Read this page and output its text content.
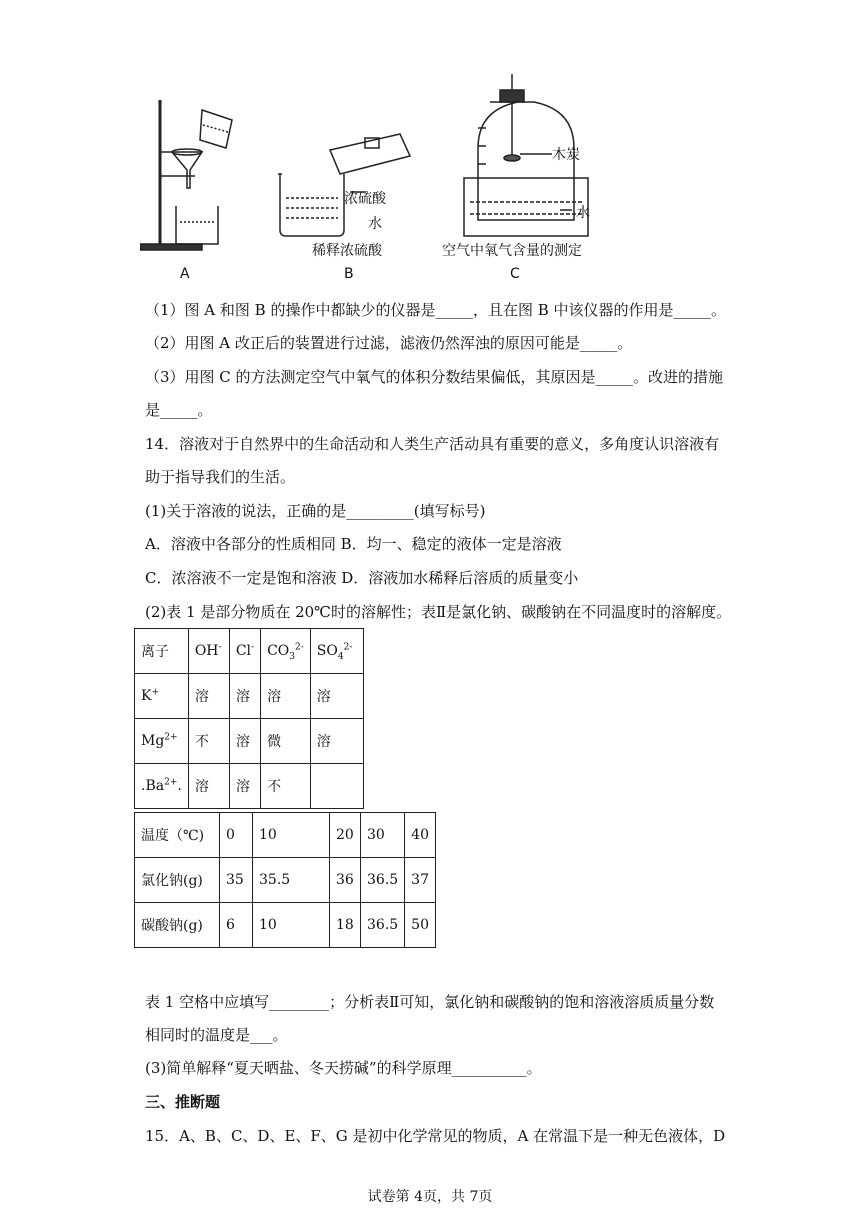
A
浓硫酸
水
稀释浓硫酸
B
木炭
水
空气中氧气含量的测定
C
（1）图 A 和图 B 的操作中都缺少的仪器是_____，且在图 B 中该仪器的作用是_____。
（2）用图 A 改正后的装置进行过滤，滤液仍然浑浊的原因可能是_____。
（3）用图 C 的方法测定空气中氧气的体积分数结果偏低，其原因是_____。改进的措施
是_____。
14．溶液对于自然界中的生命活动和人类生产活动具有重要的意义，多角度认识溶液有
助于指导我们的生活。
(1)关于溶液的说法，正确的是_________(填写标号)
A．溶液中各部分的性质相同 B．均一、稳定的液体一定是溶液
C．浓溶液不一定是饱和溶液 D．溶液加水稀释后溶质的质量变小
(2)表 1 是部分物质在 20℃时的溶解性；表Ⅱ是氯化钠、碳酸钠在不同温度时的溶解度。
离子	OH-	Cl-	$CO_3^{2-}$	$SO_4^{2-}$
K+	溶	溶	溶	溶
$Mg^{2+}$	不	溶	微	溶
$.Ba^{2+}$.	溶	溶	不	
温度（℃)	0	10	20	30	40
氯化钠(g)	35	35.5	36	36.5	37
碳酸钠(g)	6	10	18	36.5	50
表 1 空格中应填写________；分析表Ⅱ可知，氯化钠和碳酸钠的饱和溶液溶质质量分数
相同时的温度是___。
(3)简单解释“夏天晒盐、冬天捞碱”的科学原理__________。
三、推断题
15．A、B、C、D、E、F、G 是初中化学常见的物质，A 在常温下是一种无色液体，D
试卷第 4页，共 7页
